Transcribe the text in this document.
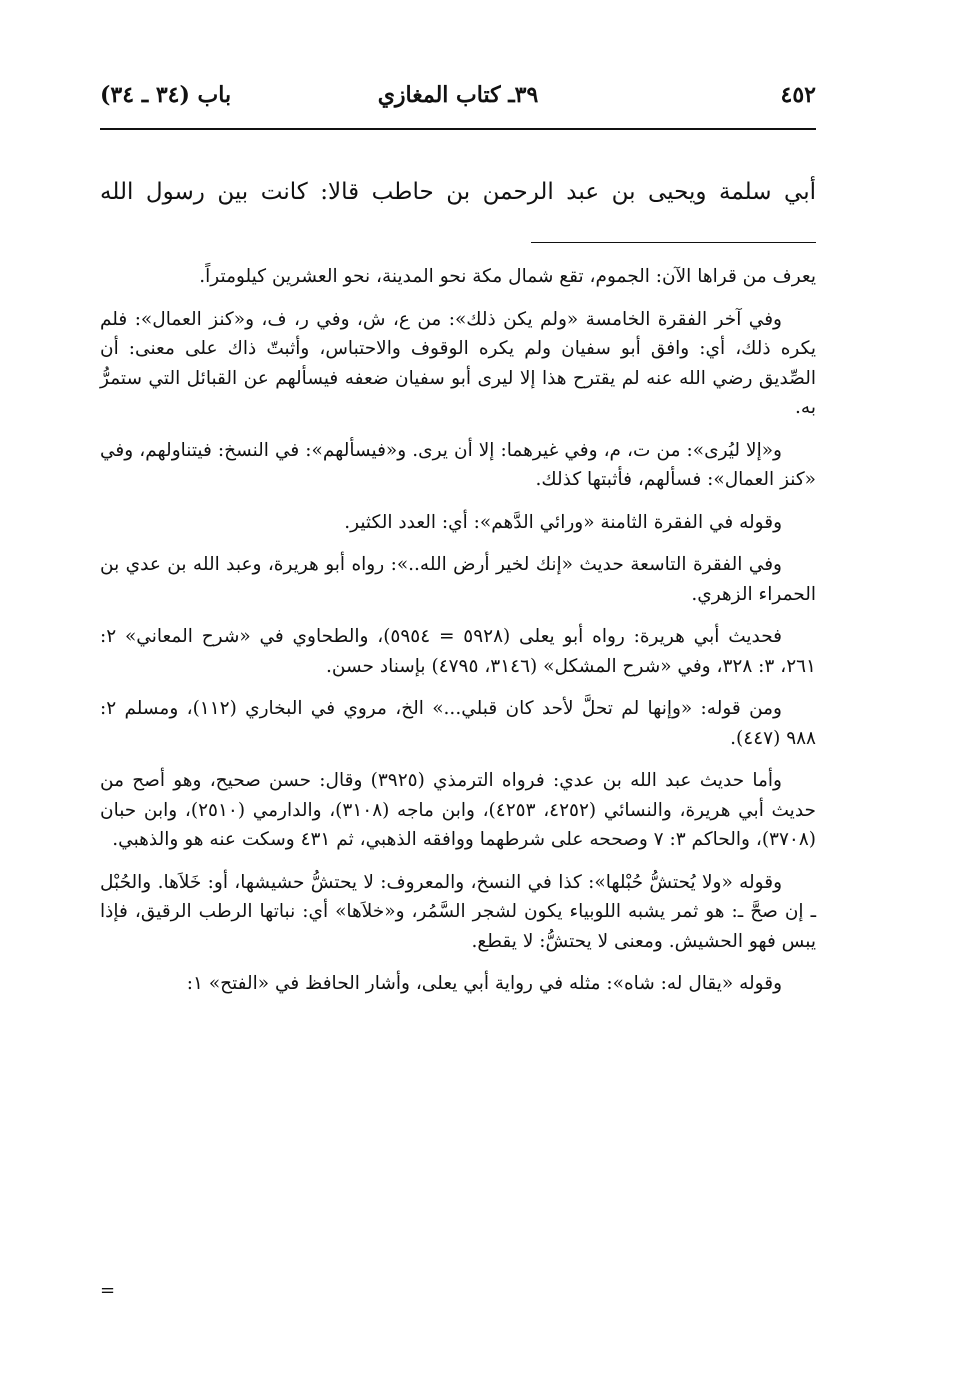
٤٥٢
٣٩ـ كتاب المغازي
باب (٣٤ ـ ٣٤)
أبي سلمة ويحيى بن عبد الرحمن بن حاطب قالا: كانت بين رسول الله

يعرف من قراها الآن: الجموم، تقع شمال مكة نحو المدينة، نحو العشرين كيلومتراً.

وفي آخر الفقرة الخامسة «ولم يكن ذلك»: من ع، ش، وفي ر، ف، و«كنز العمال»: فلم يكره ذلك، أي: وافق أبو سفيان ولم يكره الوقوف والاحتباس، وأثبتّ ذاك على معنى: أن الصِّديق رضي الله عنه لم يقترح هذا إلا ليرى أبو سفيان ضعفه فيسألهم عن القبائل التي ستمرُّ به.

و«إلا ليُرى»: من ت، م، وفي غيرهما: إلا أن يرى. و«فيسألهم»: في النسخ: فيتناولهم، وفي «كنز العمال»: فسألهم، فأثبتها كذلك.

وقوله في الفقرة الثامنة «ورائي الدَّهم»: أي: العدد الكثير.

وفي الفقرة التاسعة حديث «إنك لخير أرض الله..»: رواه أبو هريرة، وعبد الله بن عدي بن الحمراء الزهري.

فحديث أبي هريرة: رواه أبو يعلى (٥٩٢٨ = ٥٩٥٤)، والطحاوي في «شرح المعاني» ٢: ٢٦١، ٣: ٣٢٨، وفي «شرح المشكل» (٣١٤٦، ٤٧٩٥) بإسناد حسن.

ومن قوله: «وإنها لم تحلَّ لأحد كان قبلي...» الخ، مروي في البخاري (١١٢)، ومسلم ٢: ٩٨٨ (٤٤٧).

وأما حديث عبد الله بن عدي: فرواه الترمذي (٣٩٢٥) وقال: حسن صحيح، وهو أصح من حديث أبي هريرة، والنسائي (٤٢٥٢، ٤٢٥٣)، وابن ماجه (٣١٠٨)، والدارمي (٢٥١٠)، وابن حبان (٣٧٠٨)، والحاكم ٣: ٧ وصححه على شرطهما ووافقه الذهبي، ثم ٤٣١ وسكت عنه هو والذهبي.

وقوله «ولا يُحتشُّ حُبْلها»: كذا في النسخ، والمعروف: لا يحتشُّ حشيشها، أو: خَلاَها. والحُبْل ـ إن صحَّ ـ: هو ثمر يشبه اللوبياء يكون لشجر السَّمُر، و«خلاَها» أي: نباتها الرطب الرقيق، فإذا يبس فهو الحشيش. ومعنى لا يحتشُّ: لا يقطع.

وقوله «يقال له: شاه»: مثله في رواية أبي يعلى، وأشار الحافظ في «الفتح» ١:

=
